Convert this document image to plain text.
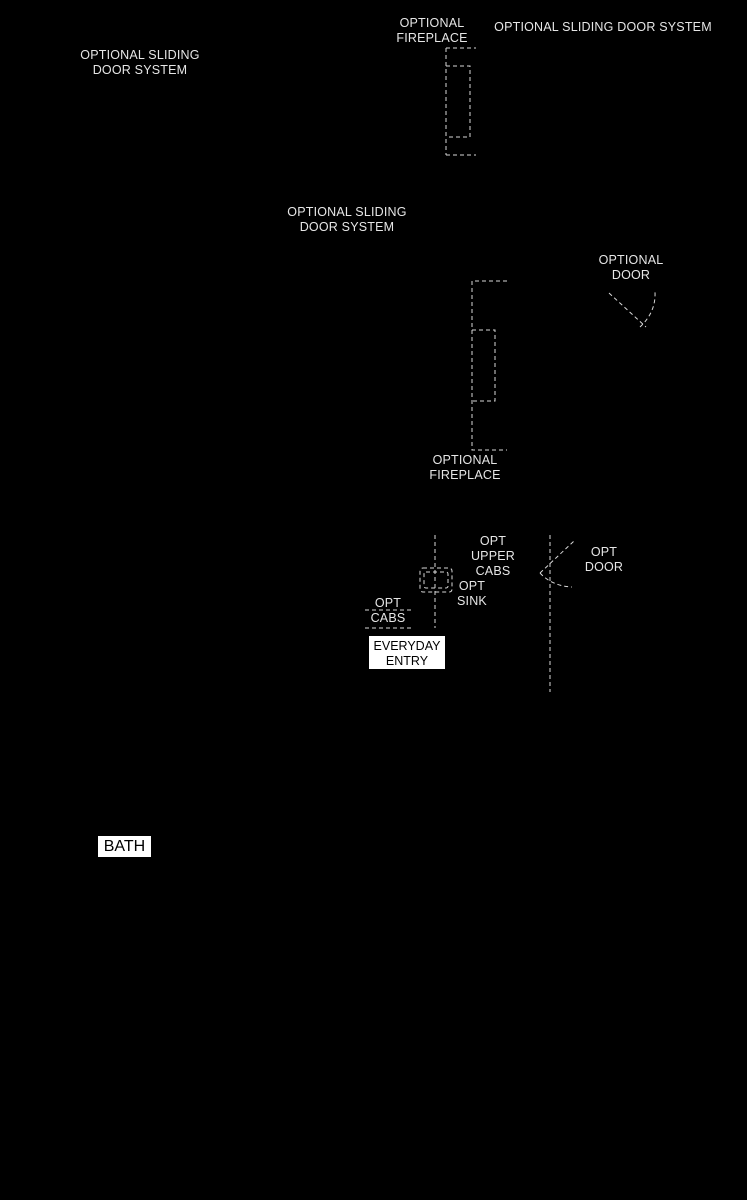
OPTIONAL SLIDING
DOOR SYSTEM
OPTIONAL
FIREPLACE
OPTIONAL SLIDING DOOR SYSTEM
OPTIONAL SLIDING
DOOR SYSTEM
OPTIONAL
DOOR
OPTIONAL
FIREPLACE
OPT
UPPER
CABS
OPT
DOOR
OPT
SINK
OPT
CABS
EVERYDAY
ENTRY
BATH
